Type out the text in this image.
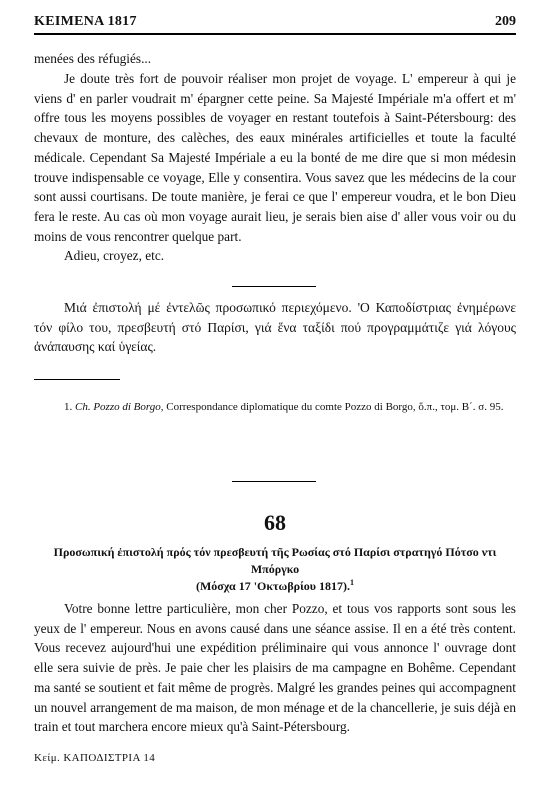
ΚΕΙΜΕΝΑ 1817	209

menées des réfugiés...

Je doute très fort de pouvoir réaliser mon projet de voyage. L' empereur à qui je viens d' en parler voudrait m' épargner cette peine. Sa Majesté Impériale m'a offert et m' offre tous les moyens possibles de voyager en restant toutefois à Saint-Pétersbourg: des chevaux de monture, des calèches, des eaux minérales artificielles et toute la faculté médicale. Cependant Sa Majesté Impériale a eu la bonté de me dire que si mon médesin trouve indispensable ce voyage, Elle y consentira. Vous savez que les médecins de la cour sont aussi courtisans. De toute manière, je ferai ce que l' empereur voudra, et le bon Dieu fera le reste. Au cas où mon voyage aurait lieu, je serais bien aise d' aller vous voir ou du moins de vous rencontrer quelque part.

Adieu, croyez, etc.

Μιά ἐπιστολή μέ ἐντελῶς προσωπικό περιεχόμενο. 'Ο Καποδίστριας ἐνημέρωνε τόν φίλο του, πρεσβευτή στό Παρίσι, γιά ἕνα ταξίδι πού προγραμμάτιζε γιά λόγους ἀνάπαυσης καί ὑγείας.

1. Ch. Pozzo di Borgo, Correspondance diplomatique du comte Pozzo di Borgo, ὅ.π., τομ. Β΄. σ. 95.

68

Προσωπική ἐπιστολή πρός τόν πρεσβευτή τῆς Ρωσίας στό Παρίσι στρατηγό Πότσο ντι Μπόργκο
(Μόσχα 17 'Οκτωβρίου 1817).$^1$

Votre bonne lettre particulière, mon cher Pozzo, et tous vos rapports sont sous les yeux de l' empereur. Nous en avons causé dans une séance assise. Il en a été très content. Vous recevez aujourd'hui une expédition préliminaire qui vous annonce l' ouvrage dont elle sera suivie de près. Je paie cher les plaisirs de ma campagne en Bohême. Cependant ma santé se soutient et fait même de progrès. Malgré les grandes peines qui accompagnent un nouvel arrangement de ma maison, de mon ménage et de la chancellerie, je suis déjà en train et tout marchera encore mieux qu'à Saint-Pétersbourg.

Κείμ. ΚΑΠΟΔΙΣΤΡΙΑ 14
